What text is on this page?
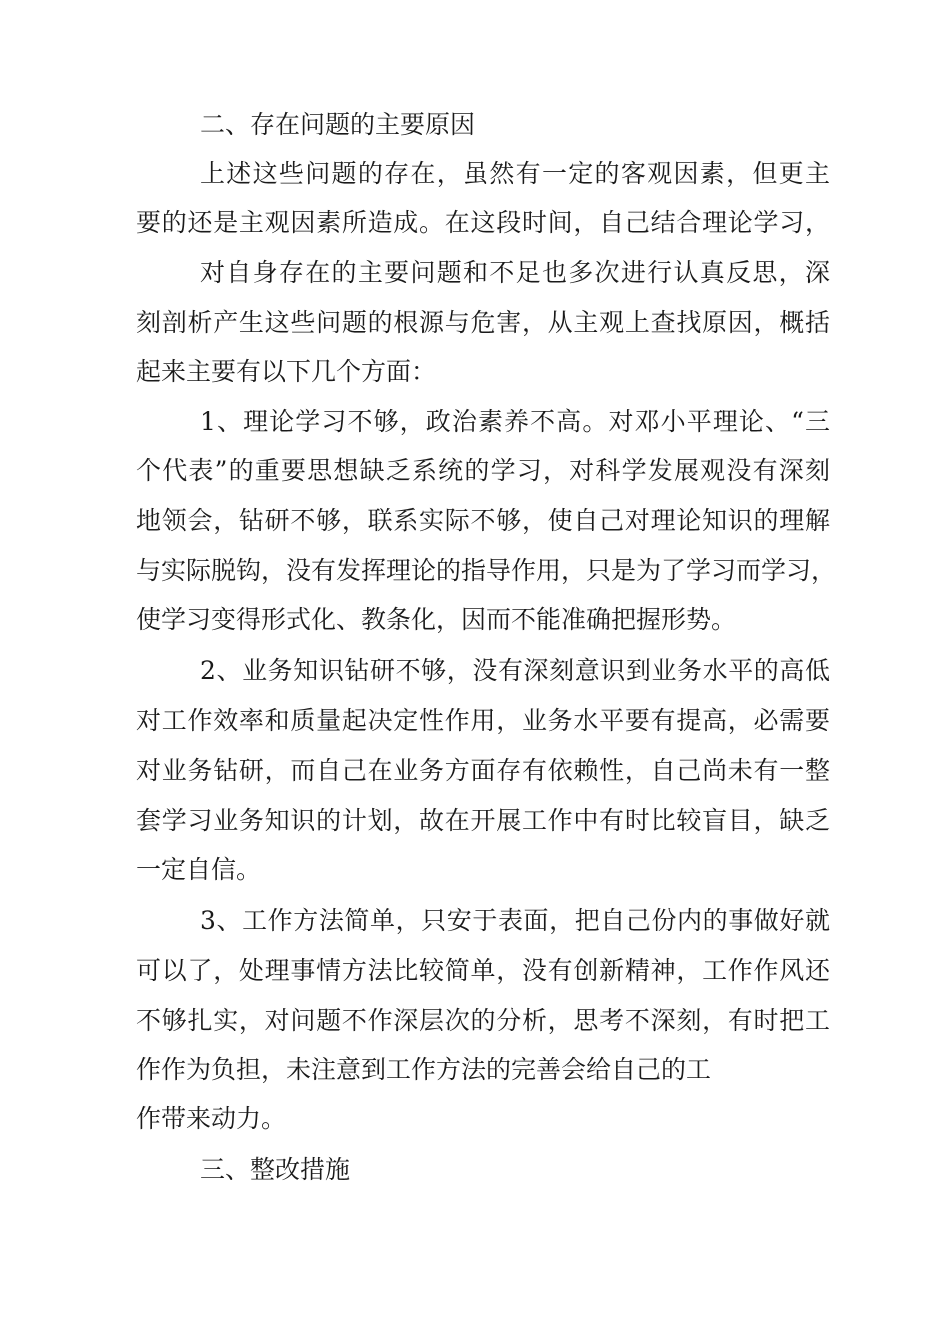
二、存在问题的主要原因

上述这些问题的存在，虽然有一定的客观因素，但更主

要的还是主观因素所造成。在这段时间，自己结合理论学习，

对自身存在的主要问题和不足也多次进行认真反思，深

刻剖析产生这些问题的根源与危害，从主观上查找原因，概括

起来主要有以下几个方面：

1、理论学习不够，政治素养不高。对邓小平理论、“三

个代表”的重要思想缺乏系统的学习，对科学发展观没有深刻

地领会，钻研不够，联系实际不够，使自己对理论知识的理解

与实际脱钩，没有发挥理论的指导作用，只是为了学习而学习，

使学习变得形式化、教条化，因而不能准确把握形势。

2、业务知识钻研不够，没有深刻意识到业务水平的高低

对工作效率和质量起决定性作用，业务水平要有提高，必需要

对业务钻研，而自己在业务方面存有依赖性，自己尚未有一整

套学习业务知识的计划，故在开展工作中有时比较盲目，缺乏

一定自信。

3、工作方法简单，只安于表面，把自己份内的事做好就

可以了，处理事情方法比较简单，没有创新精神，工作作风还

不够扎实，对问题不作深层次的分析，思考不深刻，有时把工

作作为负担，未注意到工作方法的完善会给自己的工

作带来动力。

三、整改措施
